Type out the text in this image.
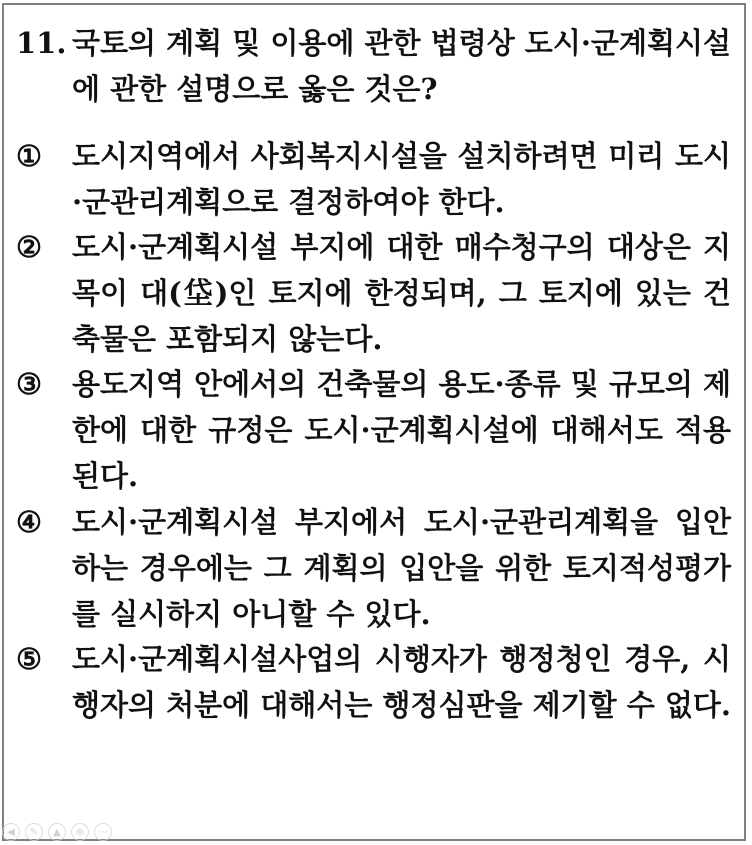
11. 국토의 계획 및 이용에 관한 법령상 도시·군계획시설에 관한 설명으로 옳은 것은?
①	도시지역에서 사회복지시설을 설치하려면 미리 도시·군관리계획으로 결정하여야 한다.
②	도시·군계획시설 부지에 대한 매수청구의 대상은 지목이 대(垈)인 토지에 한정되며, 그 토지에 있는 건축물은 포함되지 않는다.
③	용도지역 안에서의 건축물의 용도·종류 및 규모의 제한에 대한 규정은 도시·군계획시설에 대해서도 적용된다.
④	도시·군계획시설 부지에서 도시·군관리계획을 입안하는 경우에는 그 계획의 입안을 위한 토지적성평가를 실시하지 아니할 수 있다.
⑤	도시·군계획시설사업의 시행자가 행정청인 경우, 시행자의 처분에 대해서는 행정심판을 제기할 수 없다.
◀	✎	▲	⊕	⋯
